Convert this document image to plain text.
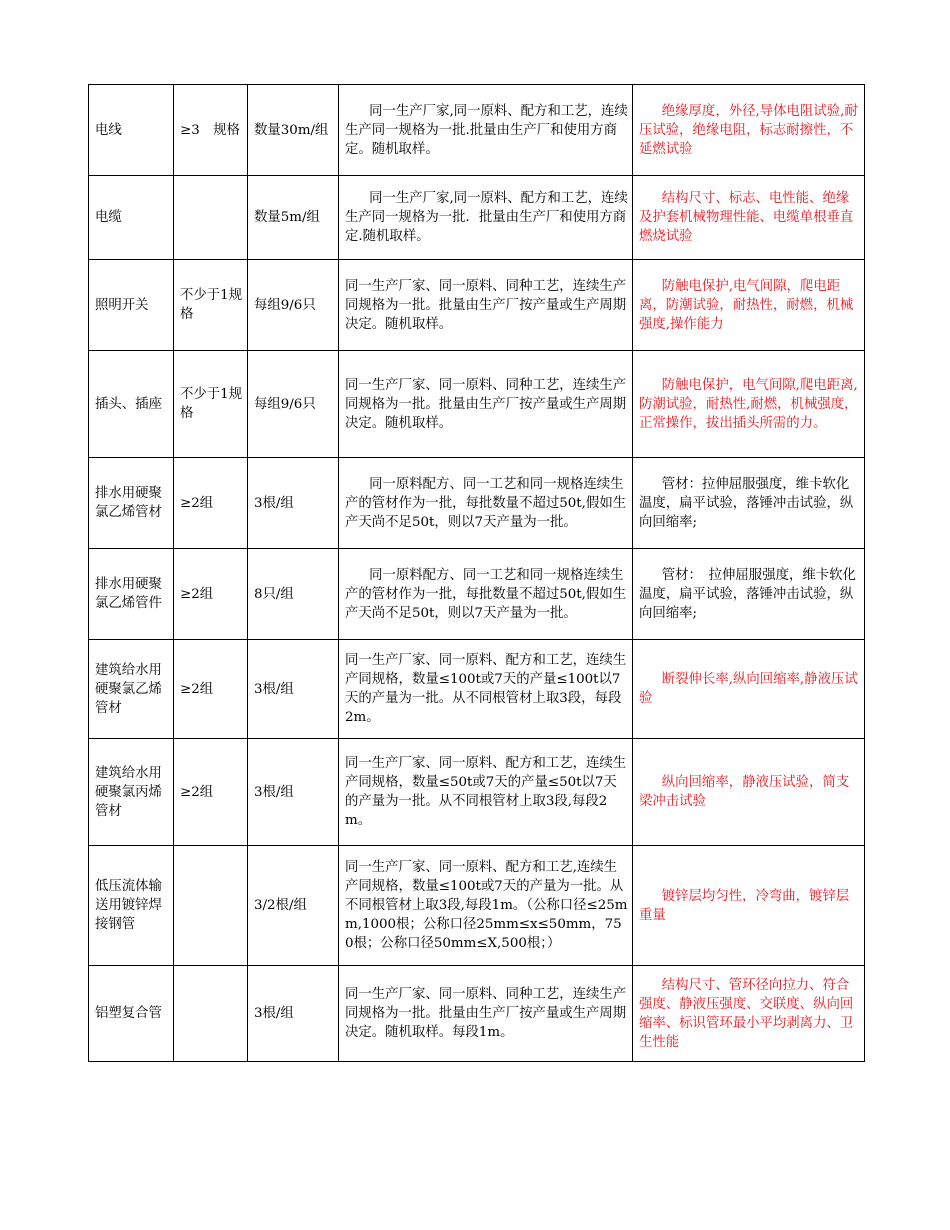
电线	≥3　规格	数量30m/组	同一生产厂家,同一原料、配方和工艺，连续生产同一规格为一批.批量由生产厂和使用方商定。随机取样。	绝缘厚度，外径,导体电阻试验,耐压试验，绝缘电阻，标志耐擦性，不延燃试验
电缆		数量5m/组	同一生产厂家,同一原料、配方和工艺，连续生产同一规格为一批．批量由生产厂和使用方商定.随机取样。	结构尺寸、标志、电性能、绝缘及护套机械物理性能、电缆单根垂直燃烧试验
照明开关	不少于1规格	每组9/6只	同一生产厂家、同一原料、同种工艺，连续生产同规格为一批。批量由生产厂按产量或生产周期决定。随机取样。	防触电保护,电气间隙，爬电距离，防潮试验，耐热性，耐燃，机械强度,操作能力
插头、插座	不少于1规格	每组9/6只	同一生产厂家、同一原料、同种工艺，连续生产同规格为一批。批量由生产厂按产量或生产周期决定。随机取样。	防触电保护，电气间隙,爬电距离,防潮试验，耐热性,耐燃，机械强度，正常操作，拔出插头所需的力。
排水用硬聚氯乙烯管材	≥2组	3根/组	同一原料配方、同一工艺和同一规格连续生产的管材作为一批，每批数量不超过50t,假如生产天尚不足50t，则以7天产量为一批。	管材：拉伸屈服强度，维卡软化温度，扁平试验，落锤冲击试验，纵向回缩率;
排水用硬聚氯乙烯管件	≥2组	8只/组	同一原料配方、同一工艺和同一规格连续生产的管材作为一批，每批数量不超过50t,假如生产天尚不足50t，则以7天产量为一批。	管材：　拉伸屈服强度，维卡软化温度，扁平试验，落锤冲击试验，纵向回缩率;
建筑给水用硬聚氯乙烯管材	≥2组	3根/组	同一生产厂家、同一原料、配方和工艺，连续生产同规格，数量≤100t或7天的产量≤100t以7天的产量为一批。从不同根管材上取3段，每段2m。	断裂伸长率,纵向回缩率,静液压试验
建筑给水用硬聚氯丙烯管材	≥2组	3根/组	同一生产厂家、同一原料、配方和工艺，连续生产同规格，数量≤50t或7天的产量≤50t以7天的产量为一批。从不同根管材上取3段,每段2m。	纵向回缩率，静液压试验，简支梁冲击试验
低压流体输送用镀锌焊接钢管		3/2根/组	同一生产厂家、同一原料、配方和工艺,连续生产同规格，数量≤100t或7天的产量为一批。从不同根管材上取3段,每段1m。（公称口径≤25mm,1000根；公称口径25mm≤x≤50mm，750根；公称口径50mm≤X,500根；）	镀锌层均匀性，冷弯曲，镀锌层重量
铝塑复合管		3根/组	同一生产厂家、同一原料、同种工艺，连续生产同规格为一批。批量由生产厂按产量或生产周期决定。随机取样。每段1m。	结构尺寸、管环径向拉力、符合强度、静液压强度、交联度、纵向回缩率、标识管环最小平均剥离力、卫生性能
